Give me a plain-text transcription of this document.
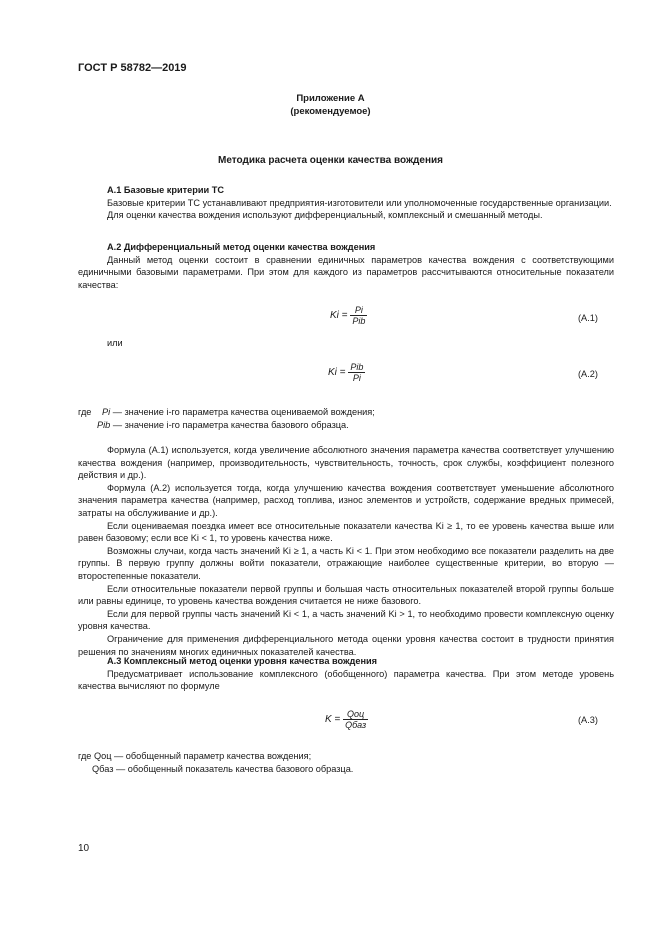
ГОСТ Р 58782—2019
Приложение А
(рекомендуемое)
Методика расчета оценки качества вождения

А.1 Базовые критерии ТС

Базовые критерии ТС устанавливают предприятия-изготовители или уполномоченные государственные организации.

Для оценки качества вождения используют дифференциальный, комплексный и смешанный методы.

А.2 Дифференциальный метод оценки качества вождения

Данный метод оценки состоит в сравнении единичных параметров качества вождения с соответствующими единичными базовыми параметрами. При этом для каждого из параметров рассчитываются относительные показатели качества:

$Ki = \frac{Pi}{\text{Pib}}$	(А.1)

или

$Ki = \frac{\text{Pib}}{Pi}$	(А.2)
где Pi — значение i-го параметра качества оцениваемой вождения;
Pib — значение i-го параметра качества базового образца.

Формула (А.1) используется, когда увеличение абсолютного значения параметра качества соответствует улучшению качества вождения (например, производительность, чувствительность, точность, срок службы, коэффициент полезного действия и др.).

Формула (А.2) используется тогда, когда улучшению качества вождения соответствует уменьшение абсолютного значения параметра качества (например, расход топлива, износ элементов и устройств, содержание вредных примесей, затраты на обслуживание и др.).

Если оцениваемая поездка имеет все относительные показатели качества Ki ≥ 1, то ее уровень качества выше или равен базовому; если все Ki < 1, то уровень качества ниже.

Возможны случаи, когда часть значений Ki ≥ 1, а часть Ki < 1. При этом необходимо все показатели разделить на две группы. В первую группу должны войти показатели, отражающие наиболее существенные критерии, во вторую — второстепенные показатели.

Если относительные показатели первой группы и большая часть относительных показателей второй группы больше или равны единице, то уровень качества вождения считается не ниже базового.

Если для первой группы часть значений Ki < 1, а часть значений Ki > 1, то необходимо провести комплексную оценку уровня качества.

Ограничение для применения дифференциального метода оценки уровня качества состоит в трудности принятия решения по значениям многих единичных показателей качества.

А.3 Комплексный метод оценки уровня качества вождения

Предусматривает использование комплексного (обобщенного) параметра качества. При этом методе уровень качества вычисляют по формуле

$K = \frac{\text{Qоц}}{\text{Qбаз}}$	(А.3)
где Qоц — обобщенный параметр качества вождения;
Qбаз — обобщенный показатель качества базового образца.
10
